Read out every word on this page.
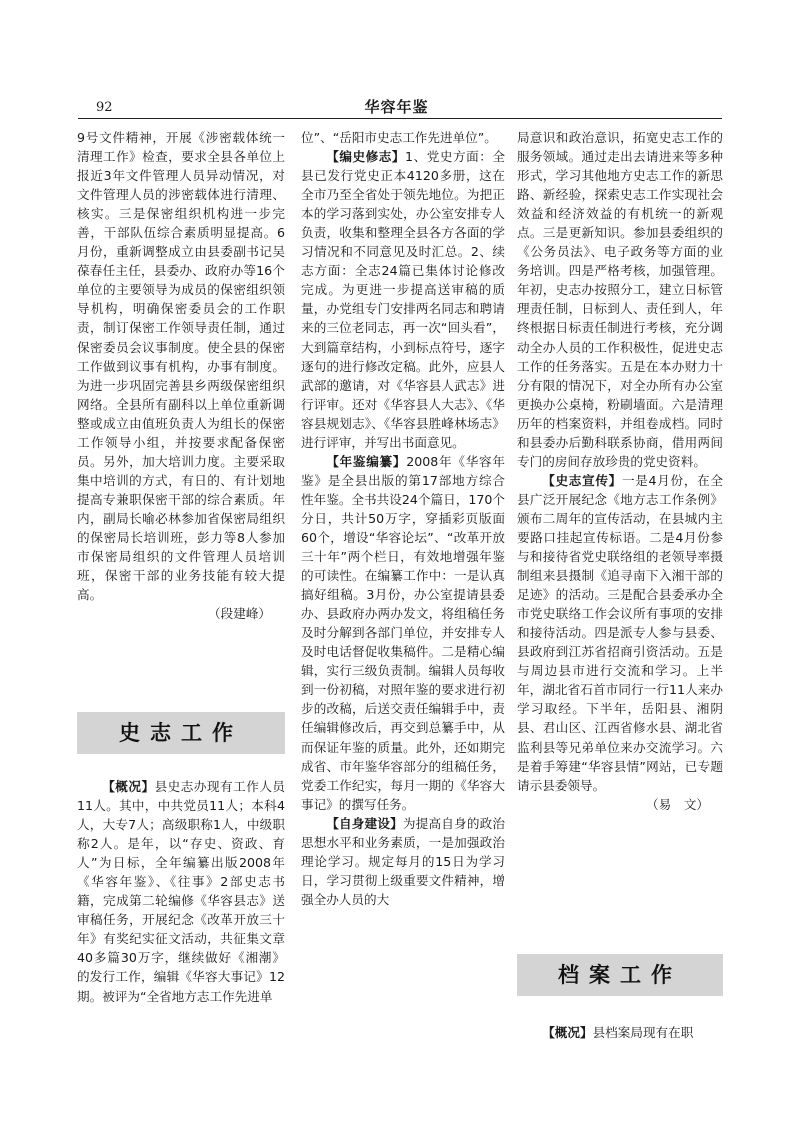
92	华容年鉴

9号文件精神，开展《涉密载体统一清理工作》检查，要求全县各单位上报近3年文件管理人员异动情况，对文件管理人员的涉密载体进行清理、核实。三是保密组织机构进一步完善，干部队伍综合素质明显提高。6月份，重新调整成立由县委副书记吴葆春任主任，县委办、政府办等16个单位的主要领导为成员的保密组织领导机构，明确保密委员会的工作职责，制订保密工作领导责任制，通过保密委员会议事制度。使全县的保密工作做到议事有机构，办事有制度。为进一步巩固完善县乡两级保密组织网络。全县所有副科以上单位重新调整或成立由值班负责人为组长的保密工作领导小组，并按要求配备保密员。另外，加大培训力度。主要采取集中培训的方式，有日的、有计划地提高专兼职保密干部的综合素质。年内，副局长喻必林参加省保密局组织的保密局长培训班，彭力等8人参加市保密局组织的文件管理人员培训班，保密干部的业务技能有较大提高。

（段建峰）

史志工作

【概况】县史志办现有工作人员11人。其中，中共党员11人；本科4人，大专7人；高级职称1人，中级职称2人。是年，以“存史、资政、育人”为日标，全年编纂出版2008年《华容年鉴》、《往事》2部史志书籍，完成第二轮编修《华容县志》送审稿任务，开展纪念《改革开放三十年》有奖纪实征文活动，共征集文章40多篇30万字，继续做好《湘潮》的发行工作，编辑《华容大事记》12期。被评为“全省地方志工作先进单

位”、“岳阳市史志工作先进单位”。

【编史修志】1、党史方面：全县已发行党史正本4120多册，这在全市乃至全省处于领先地位。为把正本的学习落到实处，办公室安排专人负责，收集和整理全县各方各面的学习情况和不同意见及时汇总。2、续志方面：全志24篇已集体讨论修改完成。为更进一步提高送审稿的质量，办党组专门安排两名同志和聘请来的三位老同志，再一次“回头看”，大到篇章结构，小到标点符号，逐字逐句的进行修改定稿。此外，应县人武部的邀请，对《华容县人武志》进行评审。还对《华容县人大志》、《华容县规划志》、《华容县胜峰林场志》进行评审，并写出书面意见。

【年鉴编纂】2008年《华容年鉴》是全县出版的第17部地方综合性年鉴。全书共设24个篇日，170个分日，共计50万字，穿插彩页版面60个，增设“华容论坛”、“改革开放三十年”两个栏日，有效地增强年鉴的可读性。在编纂工作中：一是认真搞好组稿。3月份，办公室提请县委办、县政府办两办发文，将组稿任务及时分解到各部门单位，并安排专人及时电话督促收集稿件。二是精心编辑，实行三级负责制。编辑人员每收到一份初稿，对照年鉴的要求进行初步的改稿，后送交责任编辑手中，责任编辑修改后，再交到总纂手中，从而保证年鉴的质量。此外，还如期完成省、市年鉴华容部分的组稿任务，党委工作纪实，每月一期的《华容大事记》的撰写任务。

【自身建设】为提高自身的政治思想水平和业务素质，一是加强政治理论学习。规定每月的15日为学习日，学习贯彻上级重要文件精神，增强全办人员的大

局意识和政治意识，拓宽史志工作的服务领域。通过走出去请进来等多种形式，学习其他地方史志工作的新思路、新经验，探索史志工作实现社会效益和经济效益的有机统一的新观点。三是更新知识。参加县委组织的《公务员法》、电子政务等方面的业务培训。四是严格考核，加强管理。年初，史志办按照分工，建立日标管理责任制，日标到人、责任到人，年终根据日标责任制进行考核，充分调动全办人员的工作积极性，促进史志工作的任务落实。五是在本办财力十分有限的情况下，对全办所有办公室更换办公桌椅，粉刷墙面。六是清理历年的档案资料，并组卷成档。同时和县委办后勤科联系协商，借用两间专门的房间存放珍贵的党史资料。

【史志宣传】一是4月份，在全县广泛开展纪念《地方志工作条例》颁布二周年的宣传活动，在县城内主要路口挂起宣传标语。二是4月份参与和接待省党史联络组的老领导率摄制组来县摄制《追寻南下入湘干部的足迹》的活动。三是配合县委承办全市党史联络工作会议所有事项的安排和接待活动。四是派专人参与县委、县政府到江苏省招商引资活动。五是与周边县市进行交流和学习。上半年，湖北省石首市同行一行11人来办学习取经。下半年，岳阳县、湘阴县、君山区、江西省修水县、湖北省监利县等兄弟单位来办交流学习。六是着手筹建“华容县情”网站，已专题请示县委领导。

（易　文）

档案工作

【概况】县档案局现有在职
